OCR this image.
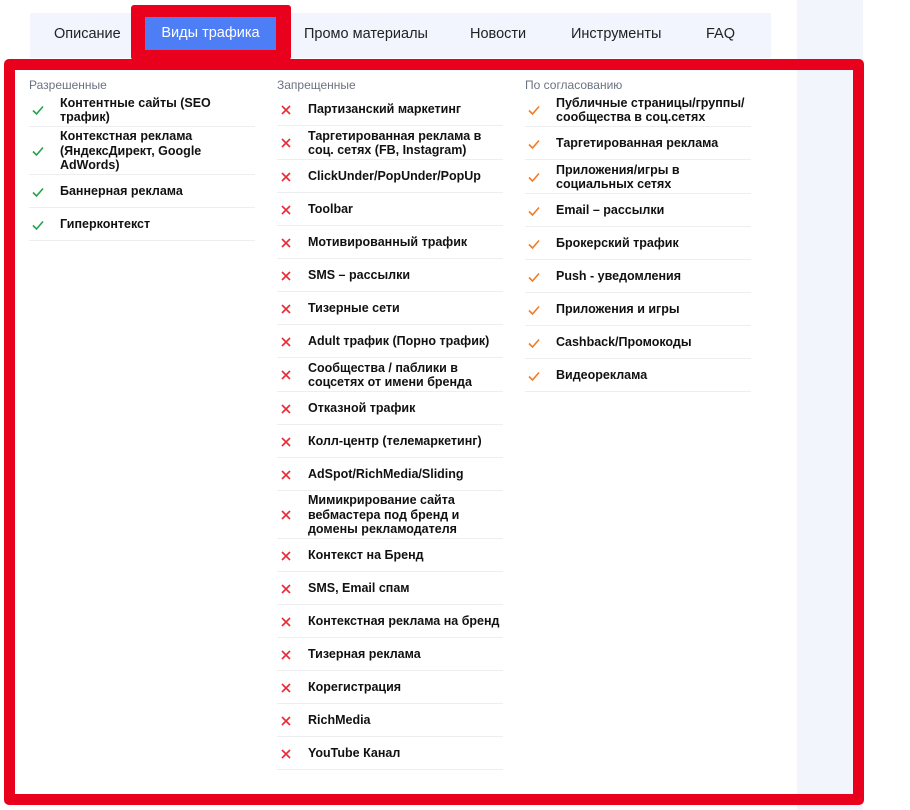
Описание	Промо материалы	Новости	Инструменты	FAQ
Виды трафика
Разрешенные
Контентные сайты (SEO трафик)
Контекстная реклама (ЯндексДирект, Google AdWords)
Баннерная реклама
Гиперконтекст
Запрещенные
Партизанский маркетинг
Таргетированная реклама в соц. сетях (FB, Instagram)
ClickUnder/PopUnder/PopUp
Toolbar
Мотивированный трафик
SMS – рассылки
Тизерные сети
Adult трафик (Порно трафик)
Сообщества / паблики в соцсетях от имени бренда
Отказной трафик
Колл-центр (телемаркетинг)
AdSpot/RichMedia/Sliding
Мимикрирование сайта вебмастера под бренд и домены рекламодателя
Контекст на Бренд
SMS, Email спам
Контекстная реклама на бренд
Тизерная реклама
Корегистрация
RichMedia
YouTube Канал
По согласованию
Публичные страницы/группы/сообщества в соц.сетях
Таргетированная реклама
Приложения/игры в социальных сетях
Email – рассылки
Брокерский трафик
Push - уведомления
Приложения и игры
Cashback/Промокоды
Видеореклама
